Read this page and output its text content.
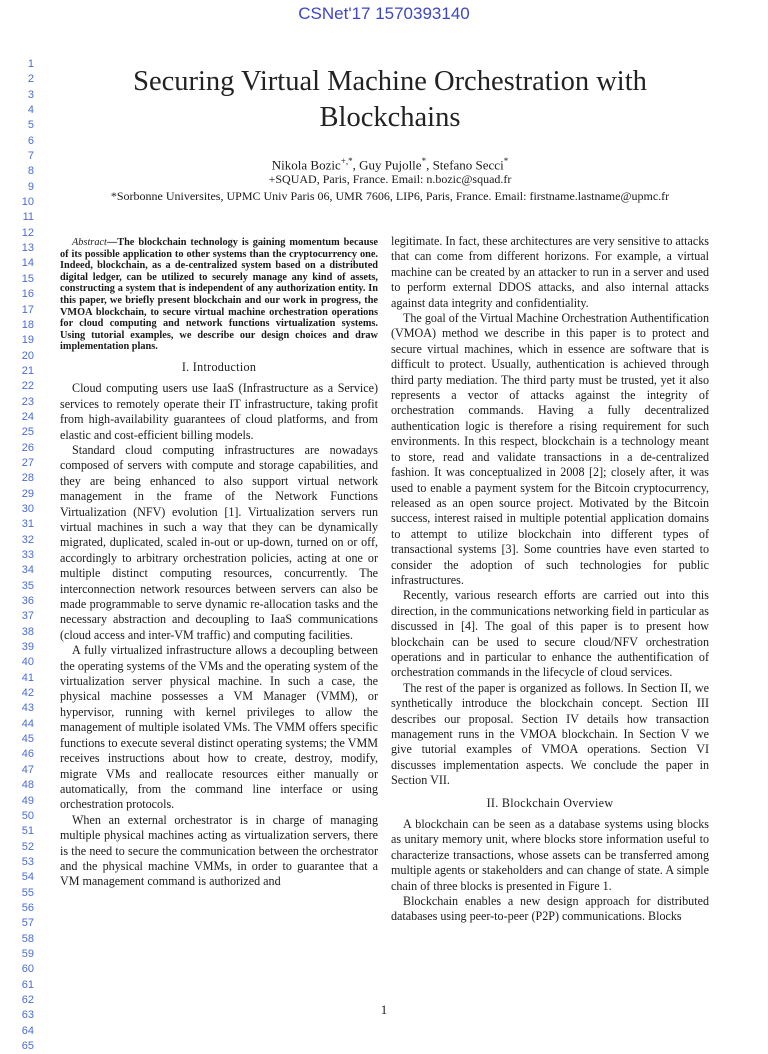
CSNet'17 1570393140
1
2
3
4
5
6
7
8
9
10
11
12
13
14
15
16
17
18
19
20
21
22
23
24
25
26
27
28
29
30
31
32
33
34
35
36
37
38
39
40
41
42
43
44
45
46
47
48
49
50
51
52
53
54
55
56
57
58
59
60
61
62
63
64
65
Securing Virtual Machine Orchestration with Blockchains
Nikola Bozic+,*, Guy Pujolle*, Stefano Secci*
+SQUAD, Paris, France. Email: n.bozic@squad.fr
*Sorbonne Universites, UPMC Univ Paris 06, UMR 7606, LIP6, Paris, France. Email: firstname.lastname@upmc.fr

Abstract—The blockchain technology is gaining momentum because of its possible application to other systems than the cryptocurrency one. Indeed, blockchain, as a de-centralized system based on a distributed digital ledger, can be utilized to securely manage any kind of assets, constructing a system that is independent of any authorization entity. In this paper, we briefly present blockchain and our work in progress, the VMOA blockchain, to secure virtual machine orchestration operations for cloud computing and network functions virtualization systems. Using tutorial examples, we describe our design choices and draw implementation plans.

I. Introduction

Cloud computing users use IaaS (Infrastructure as a Service) services to remotely operate their IT infrastructure, taking profit from high-availability guarantees of cloud platforms, and from elastic and cost-efficient billing models.

Standard cloud computing infrastructures are nowadays composed of servers with compute and storage capabilities, and they are being enhanced to also support virtual network management in the frame of the Network Functions Virtualization (NFV) evolution [1]. Virtualization servers run virtual machines in such a way that they can be dynamically migrated, duplicated, scaled in-out or up-down, turned on or off, accordingly to arbitrary orchestration policies, acting at one or multiple distinct computing resources, concurrently. The interconnection network resources between servers can also be made programmable to serve dynamic re-allocation tasks and the necessary abstraction and decoupling to IaaS communications (cloud access and inter-VM traffic) and computing facilities.

A fully virtualized infrastructure allows a decoupling between the operating systems of the VMs and the operating system of the virtualization server physical machine. In such a case, the physical machine possesses a VM Manager (VMM), or hypervisor, running with kernel privileges to allow the management of multiple isolated VMs. The VMM offers specific functions to execute several distinct operating systems; the VMM receives instructions about how to create, destroy, modify, migrate VMs and reallocate resources either manually or automatically, from the command line interface or using orchestration protocols.

When an external orchestrator is in charge of managing multiple physical machines acting as virtualization servers, there is the need to secure the communication between the orchestrator and the physical machine VMMs, in order to guarantee that a VM management command is authorized and

legitimate. In fact, these architectures are very sensitive to attacks that can come from different horizons. For example, a virtual machine can be created by an attacker to run in a server and used to perform external DDOS attacks, and also internal attacks against data integrity and confidentiality.

The goal of the Virtual Machine Orchestration Authentification (VMOA) method we describe in this paper is to protect and secure virtual machines, which in essence are software that is difficult to protect. Usually, authentication is achieved through third party mediation. The third party must be trusted, yet it also represents a vector of attacks against the integrity of orchestration commands. Having a fully decentralized authentication logic is therefore a rising requirement for such environments. In this respect, blockchain is a technology meant to store, read and validate transactions in a de-centralized fashion. It was conceptualized in 2008 [2]; closely after, it was used to enable a payment system for the Bitcoin cryptocurrency, released as an open source project. Motivated by the Bitcoin success, interest raised in multiple potential application domains to attempt to utilize blockchain into different types of transactional systems [3]. Some countries have even started to consider the adoption of such technologies for public infrastructures.

Recently, various research efforts are carried out into this direction, in the communications networking field in particular as discussed in [4]. The goal of this paper is to present how blockchain can be used to secure cloud/NFV orchestration operations and in particular to enhance the authentification of orchestration commands in the lifecycle of cloud services.

The rest of the paper is organized as follows. In Section II, we synthetically introduce the blockchain concept. Section III describes our proposal. Section IV details how transaction management runs in the VMOA blockchain. In Section V we give tutorial examples of VMOA operations. Section VI discusses implementation aspects. We conclude the paper in Section VII.

II. Blockchain Overview

A blockchain can be seen as a database systems using blocks as unitary memory unit, where blocks store information useful to characterize transactions, whose assets can be transferred among multiple agents or stakeholders and can change of state. A simple chain of three blocks is presented in Figure 1.

Blockchain enables a new design approach for distributed databases using peer-to-peer (P2P) communications. Blocks

1
